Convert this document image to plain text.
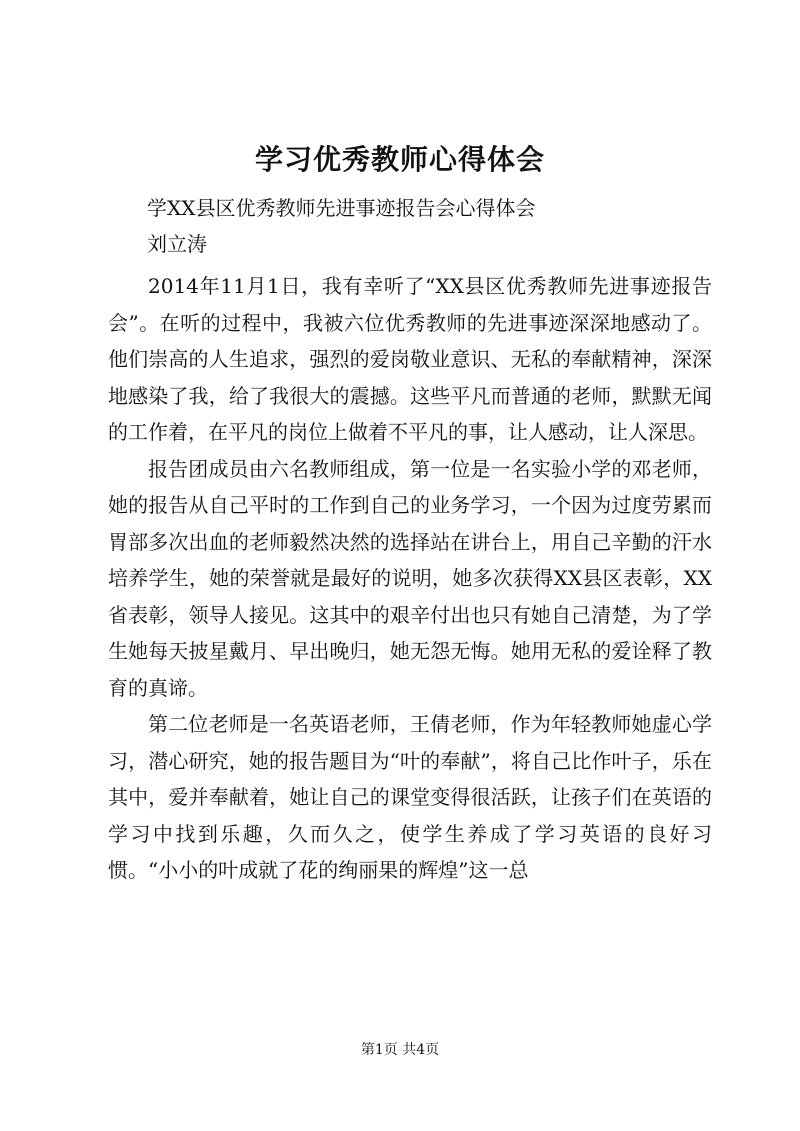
学习优秀教师心得体会
学XX县区优秀教师先进事迹报告会心得体会
刘立涛

2014年11月1日，我有幸听了“XX县区优秀教师先进事迹报告会”。在听的过程中，我被六位优秀教师的先进事迹深深地感动了。他们崇高的人生追求，强烈的爱岗敬业意识、无私的奉献精神，深深地感染了我，给了我很大的震撼。这些平凡而普通的老师，默默无闻的工作着，在平凡的岗位上做着不平凡的事，让人感动，让人深思。

报告团成员由六名教师组成，第一位是一名实验小学的邓老师，她的报告从自己平时的工作到自己的业务学习，一个因为过度劳累而胃部多次出血的老师毅然决然的选择站在讲台上，用自己辛勤的汗水培养学生，她的荣誉就是最好的说明，她多次获得XX县区表彰，XX省表彰，领导人接见。这其中的艰辛付出也只有她自己清楚，为了学生她每天披星戴月、早出晚归，她无怨无悔。她用无私的爱诠释了教育的真谛。

第二位老师是一名英语老师，王倩老师，作为年轻教师她虚心学习，潜心研究，她的报告题目为“叶的奉献”，将自己比作叶子，乐在其中，爱并奉献着，她让自己的课堂变得很活跃，让孩子们在英语的学习中找到乐趣，久而久之，使学生养成了学习英语的良好习惯。“小小的叶成就了花的绚丽果的辉煌”这一总

第1页 共4页
